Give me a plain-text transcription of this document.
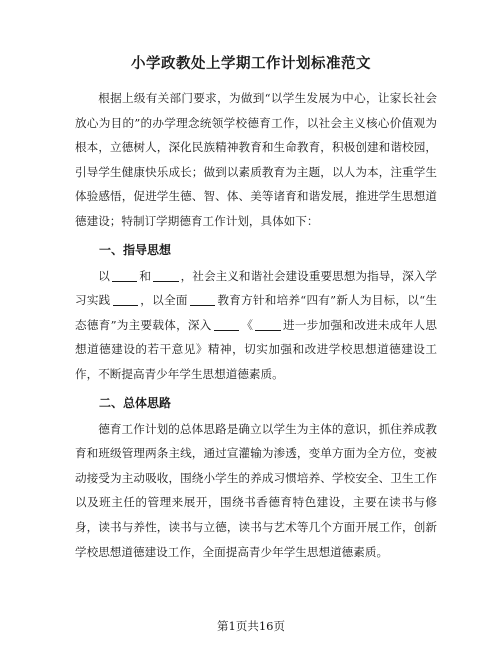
小学政教处上学期工作计划标准范文

根据上级有关部门要求，为做到“以学生发展为中心，让家长社会放心为目的”的办学理念统领学校德育工作，以社会主义核心价值观为根本，立德树人，深化民族精神教育和生命教育，积极创建和谐校园，引导学生健康快乐成长；做到以素质教育为主题，以人为本，注重学生体验感悟，促进学生德、智、体、美等诸育和谐发展，推进学生思想道德建设；特制订学期德育工作计划，具体如下：

一、指导思想

以	和	，社会主义和谐社会建设重要思想为指导，深入学习实践	，以全面	教育方针和培养“四有”新人为目标，以“生态德育”为主要载体，深入	《	进一步加强和改进未成年人思想道德建设的若干意见》精神，切实加强和改进学校思想道德建设工作，不断提高青少年学生思想道德素质。

二、总体思路

德育工作计划的总体思路是确立以学生为主体的意识，抓住养成教育和班级管理两条主线，通过宣灌输为渗透，变单方面为全方位，变被动接受为主动吸收，围绕小学生的养成习惯培养、学校安全、卫生工作以及班主任的管理来展开，围绕书香德育特色建设，主要在读书与修身，读书与养性，读书与立德，读书与艺术等几个方面开展工作，创新学校思想道德建设工作，全面提高青少年学生思想道德素质。

第1页共16页
